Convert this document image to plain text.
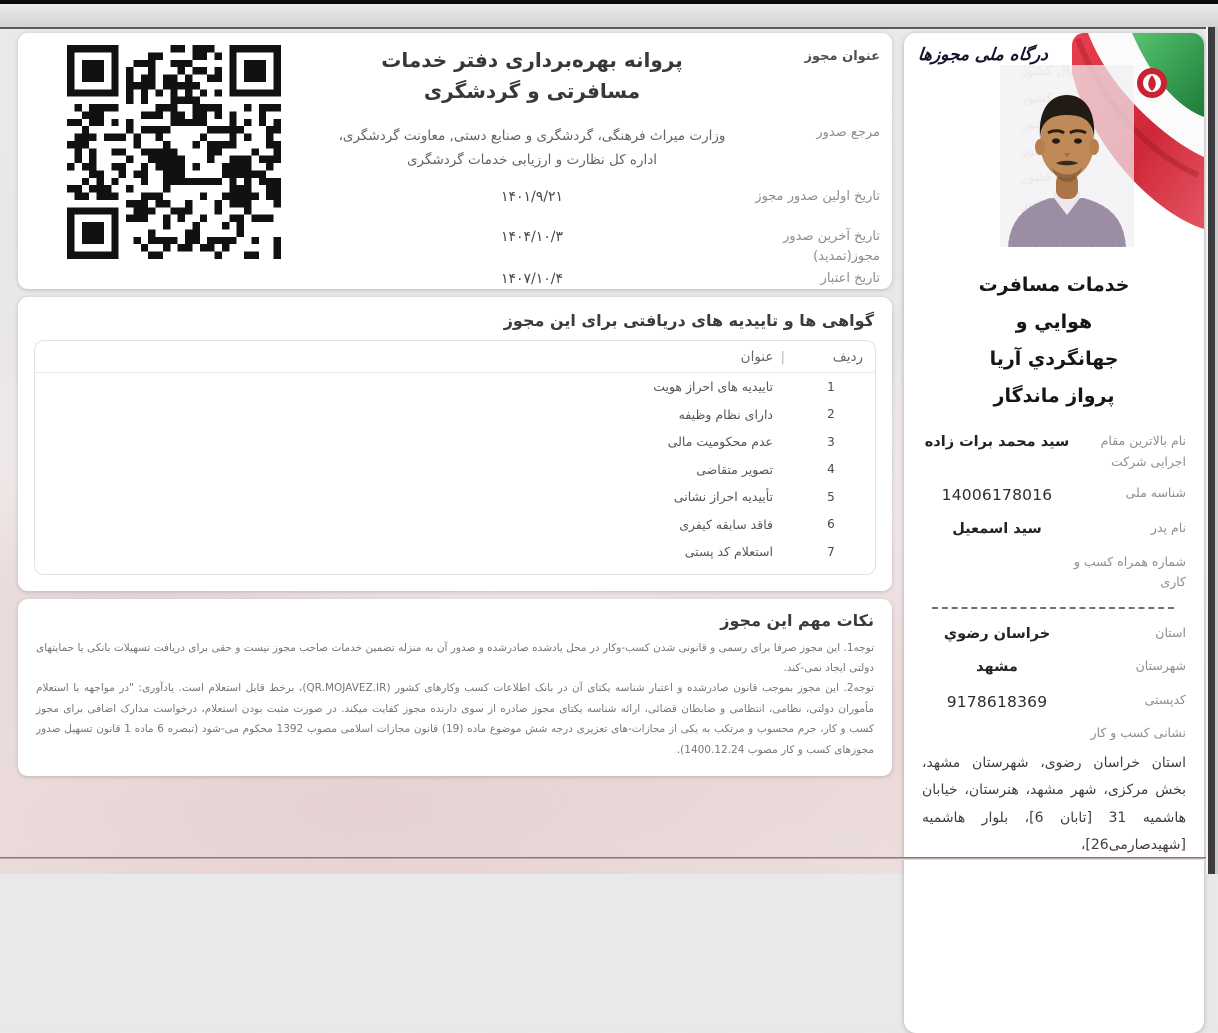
درگاه ملی مجوزها
خدمات مسافرت
هوايي و
جهانگردي آريا
پرواز ماندگار
نام بالاترین مقام اجرایی شرکت
سید محمد برات زاده
شناسه ملی
14006178016
نام پدر
سید اسمعیل
شماره همراه کسب و کاری
استان
خراسان رضوي
شهرستان
مشهد
کدپستی
9178618369
نشانی کسب و کار

استان خراسان رضوی، شهرستان مشهد، بخش مرکزی، شهر مشهد، هنرستان، خیابان هاشمیه 31 [تابان 6]، بلوار هاشمیه [شهیدصارمی26]،

عنوان مجوز
پروانه بهره‌برداری دفتر خدمات مسافرتی و گردشگری
مرجع صدور
وزارت میراث فرهنگی، گردشگری و صنایع دستی, معاونت گردشگری، اداره کل نظارت و ارزیابی خدمات گردشگری
تاریخ اولین صدور مجوز
۱۴۰۱/۹/۲۱
تاریخ آخرین صدور مجوز(تمدید)
۱۴۰۴/۱۰/۳
تاریخ اعتبار
۱۴۰۷/۱۰/۴
گواهی ها و تاییدیه های دریافتی برای این مجوز
ردیف
|عنوان
1
تاییدیه های احراز هویت
2
دارای نظام وظیفه
3
عدم محکومیت مالی
4
تصویر متقاضی
5
تأییدیه احراز نشانی
6
فاقد سابقه کیفری
7
استعلام کد پستی
نکات مهم این مجوز

توجه1. این مجوز صرفا برای رسمی و قانونی شدن کسب-وکار در محل یادشده صادرشده و صدور آن به منزله تضمین خدمات صاحب مجوز نیست و حقی برای دریافت تسهیلات بانکی یا حمایتهای دولتی ایجاد نمی-کند.

توجه2. این مجوز بموجب قانون صادرشده و اعتبار شناسه یکتای آن در بانک اطلاعات کسب وکارهای کشور (QR.MOJAVEZ.IR)، برخط قابل استعلام است. یادآوری: "در مواجهه با استعلام مأموران دولتی، نظامی، انتظامی و ضابطان قضائی، ارائه شناسه یکتای مجوز صادره از سوی دارنده مجوز کفایت میکند. در صورت مثبت بودن استعلام، درخواست مدارک اضافی برای مجوز کسب و کار، جرم محسوب و مرتکب به یکی از مجازات-های تعزیری درجه شش موضوع ماده (19) قانون مجازات اسلامی مصوب 1392 محکوم می-شود (تبصره 6 ماده 1 قانون تسهیل صدور مجوزهای کسب و کار مصوب 1400.12.24).
